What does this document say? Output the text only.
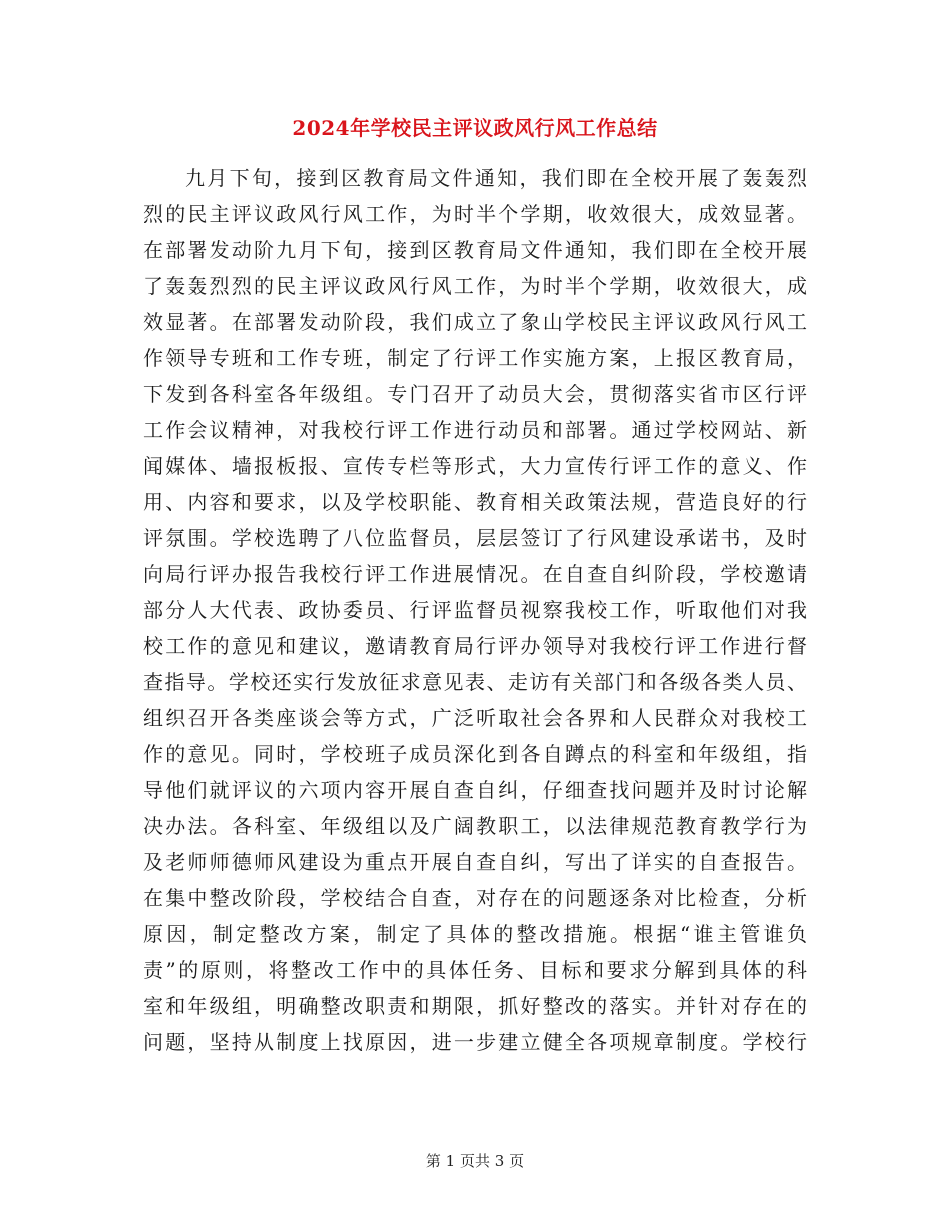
2024年学校民主评议政风行风工作总结
九月下旬，接到区教育局文件通知，我们即在全校开展了轰轰烈
烈的民主评议政风行风工作，为时半个学期，收效很大，成效显著。
在部署发动阶九月下旬，接到区教育局文件通知，我们即在全校开展
了轰轰烈烈的民主评议政风行风工作，为时半个学期，收效很大，成
效显著。在部署发动阶段，我们成立了象山学校民主评议政风行风工
作领导专班和工作专班，制定了行评工作实施方案，上报区教育局，
下发到各科室各年级组。专门召开了动员大会，贯彻落实省市区行评
工作会议精神，对我校行评工作进行动员和部署。通过学校网站、新
闻媒体、墙报板报、宣传专栏等形式，大力宣传行评工作的意义、作
用、内容和要求，以及学校职能、教育相关政策法规，营造良好的行
评氛围。学校选聘了八位监督员，层层签订了行风建设承诺书，及时
向局行评办报告我校行评工作进展情况。在自查自纠阶段，学校邀请
部分人大代表、政协委员、行评监督员视察我校工作，听取他们对我
校工作的意见和建议，邀请教育局行评办领导对我校行评工作进行督
查指导。学校还实行发放征求意见表、走访有关部门和各级各类人员、
组织召开各类座谈会等方式，广泛听取社会各界和人民群众对我校工
作的意见。同时，学校班子成员深化到各自蹲点的科室和年级组，指
导他们就评议的六项内容开展自查自纠，仔细查找问题并及时讨论解
决办法。各科室、年级组以及广阔教职工，以法律规范教育教学行为
及老师师德师风建设为重点开展自查自纠，写出了详实的自查报告。
在集中整改阶段，学校结合自查，对存在的问题逐条对比检查，分析
原因，制定整改方案，制定了具体的整改措施。根据“谁主管谁负
责”的原则，将整改工作中的具体任务、目标和要求分解到具体的科
室和年级组，明确整改职责和期限，抓好整改的落实。并针对存在的
问题，坚持从制度上找原因，进一步建立健全各项规章制度。学校行
第 1 页共 3 页
